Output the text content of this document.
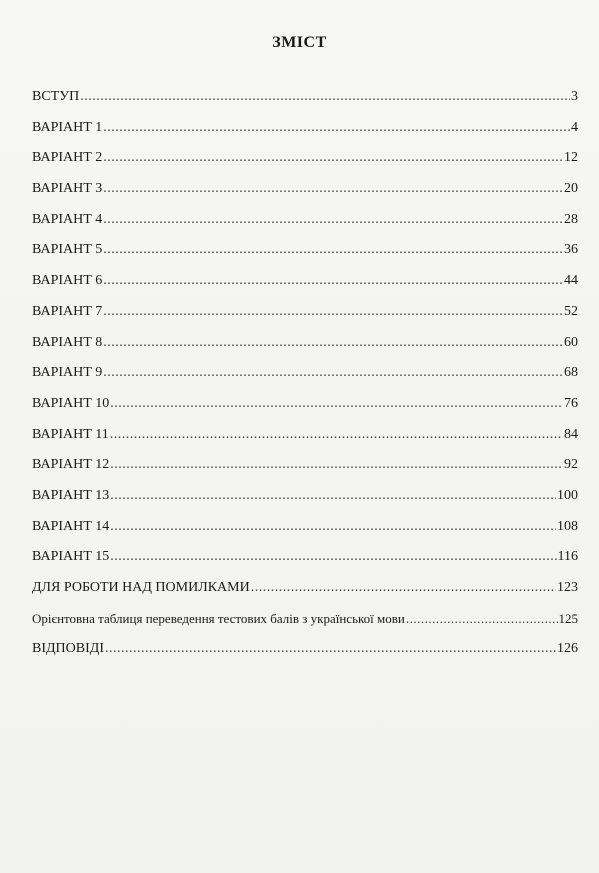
ЗМІСТ
ВСТУП .....	3
ВАРІАНТ 1 .....	4
ВАРІАНТ 2 .....	12
ВАРІАНТ 3 .....	20
ВАРІАНТ 4 .....	28
ВАРІАНТ 5 .....	36
ВАРІАНТ 6 .....	44
ВАРІАНТ 7 .....	52
ВАРІАНТ 8 .....	60
ВАРІАНТ 9 .....	68
ВАРІАНТ 10 .....	76
ВАРІАНТ 11 .....	84
ВАРІАНТ 12 .....	92
ВАРІАНТ 13 .....	100
ВАРІАНТ 14 .....	108
ВАРІАНТ 15 .....	116
ДЛЯ РОБОТИ НАД ПОМИЛКАМИ .....	123
Орієнтовна таблиця переведення тестових балів з української мови .....	125
ВІДПОВІДІ .....	126
